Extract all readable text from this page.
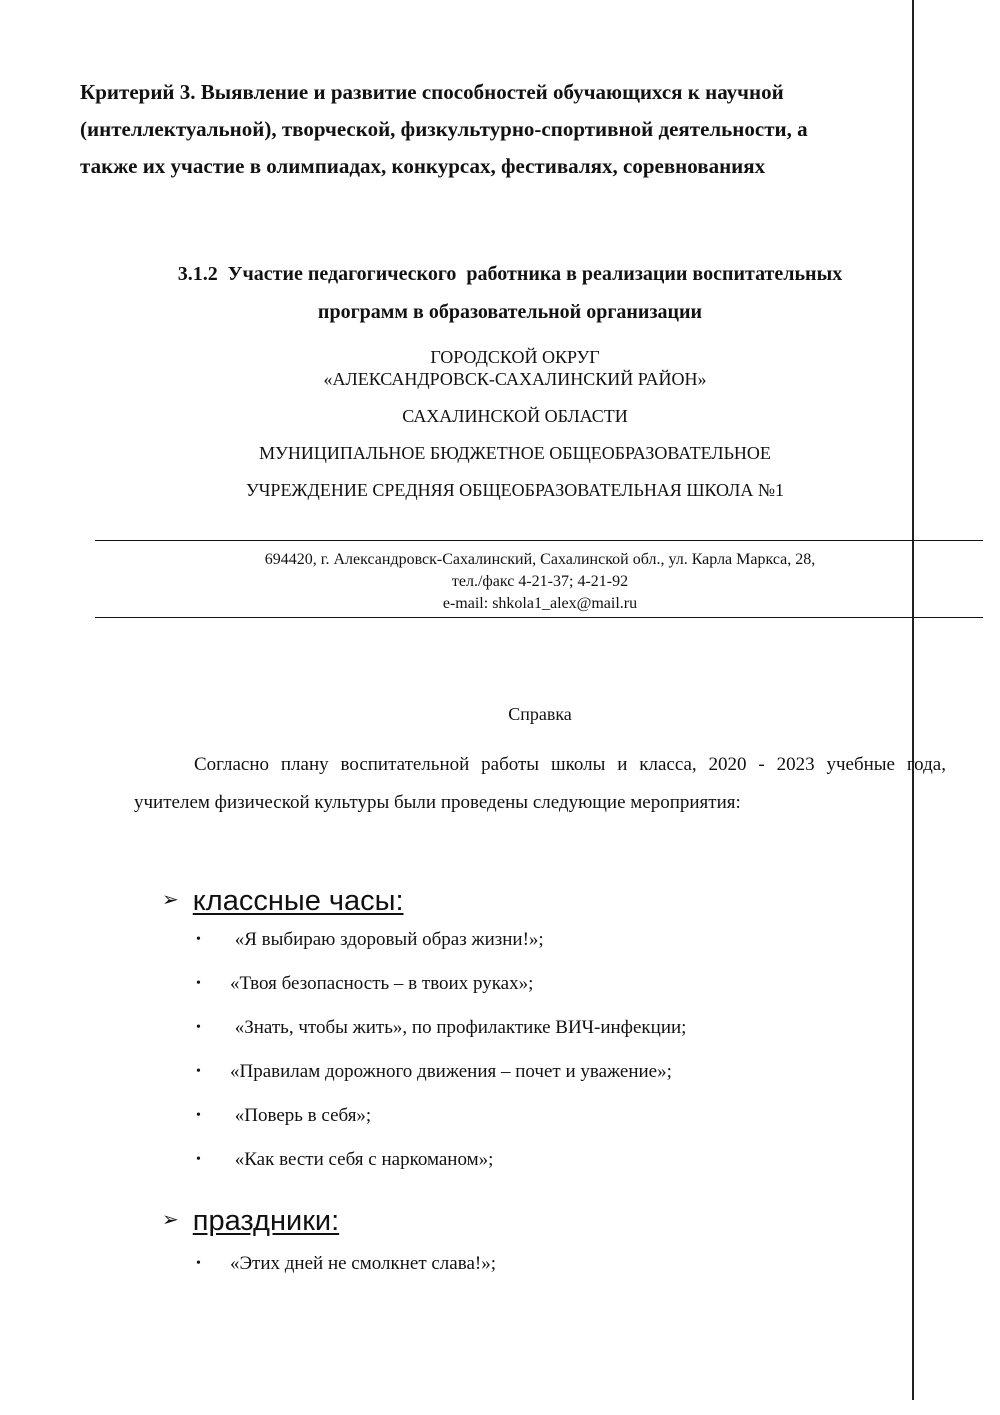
Критерий 3. Выявление и развитие способностей обучающихся к научной

(интеллектуальной), творческой, физкультурно-спортивной деятельности, а

также их участие в олимпиадах, конкурсах, фестивалях, соревнованиях

3.1.2  Участие педагогического  работника в реализации воспитательных

программ в образовательной организации

ГОРОДСКОЙ ОКРУГ

«АЛЕКСАНДРОВСК-САХАЛИНСКИЙ РАЙОН»

САХАЛИНСКОЙ ОБЛАСТИ

МУНИЦИПАЛЬНОЕ БЮДЖЕТНОЕ ОБЩЕОБРАЗОВАТЕЛЬНОЕ

УЧРЕЖДЕНИЕ СРЕДНЯЯ ОБЩЕОБРАЗОВАТЕЛЬНАЯ ШКОЛА №1

694420, г. Александровск-Сахалинский, Сахалинской обл., ул. Карла Маркса, 28,

тел./факс 4-21-37; 4-21-92

e-mail: shkola1_alex@mail.ru

Справка

Согласно плану воспитательной работы школы и класса, 2020 - 2023 учебные года, учителем физической культуры были проведены следующие мероприятия:

➢ классные часы:
• «Я выбираю здоровый образ жизни!»;
• «Твоя безопасность – в твоих руках»;
• «Знать, чтобы жить», по профилактике ВИЧ-инфекции;
• «Правилам дорожного движения – почет и уважение»;
• «Поверь в себя»;
• «Как вести себя с наркоманом»;
➢ праздники:
• «Этих дней не смолкнет слава!»;
